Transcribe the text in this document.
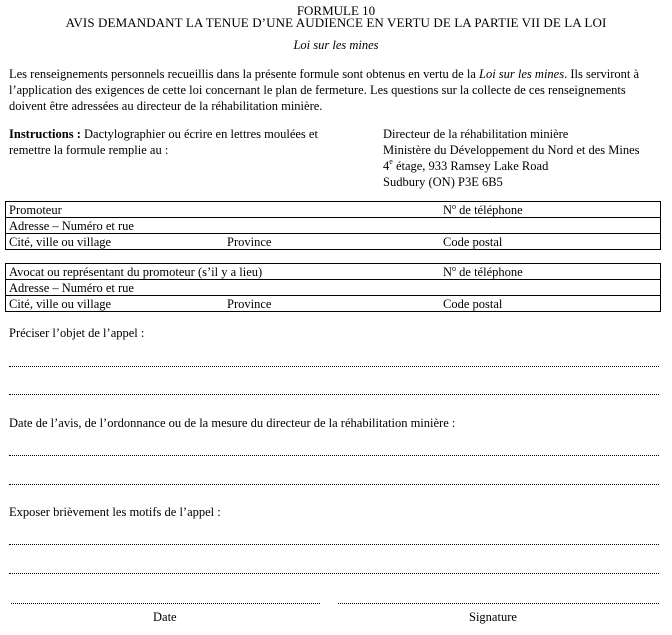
FORMULE 10
AVIS DEMANDANT LA TENUE D’UNE AUDIENCE EN VERTU DE LA PARTIE VII DE LA LOI
Loi sur les mines
Les renseignements personnels recueillis dans la présente formule sont obtenus en vertu de la Loi sur les mines. Ils serviront à l’application des exigences de cette loi concernant le plan de fermeture. Les questions sur la collecte de ces renseignements doivent être adressées au directeur de la réhabilitation minière.
Instructions : Dactylographier ou écrire en lettres moulées et remettre la formule remplie au :
Directeur de la réhabilitation minière
Ministère du Développement du Nord et des Mines
4e étage, 933 Ramsey Lake Road
Sudbury (ON) P3E 6B5
Promoteur	$N^o$ de téléphone
Adresse – Numéro et rue
Cité, ville ou village	Province	Code postal
Avocat ou représentant du promoteur (s’il y a lieu)	$N^o$ de téléphone
Adresse – Numéro et rue
Cité, ville ou village	Province	Code postal
Préciser l’objet de l’appel :
Date de l’avis, de l’ordonnance ou de la mesure du directeur de la réhabilitation minière :
Exposer brièvement les motifs de l’appel :
Date	Signature
